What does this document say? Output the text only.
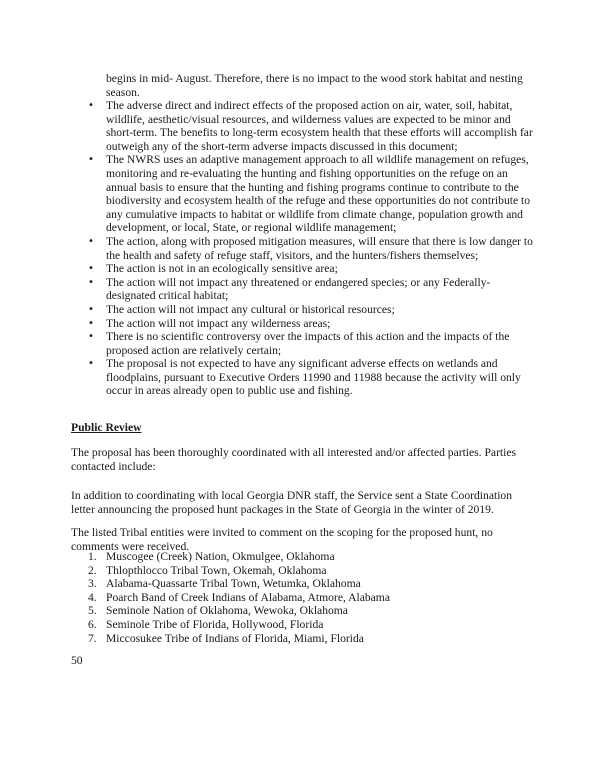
begins in mid- August. Therefore, there is no impact to the wood stork habitat and nesting season.

• The adverse direct and indirect effects of the proposed action on air, water, soil, habitat, wildlife, aesthetic/visual resources, and wilderness values are expected to be minor and short-term. The benefits to long-term ecosystem health that these efforts will accomplish far outweigh any of the short-term adverse impacts discussed in this document;
• The NWRS uses an adaptive management approach to all wildlife management on refuges, monitoring and re-evaluating the hunting and fishing opportunities on the refuge on an annual basis to ensure that the hunting and fishing programs continue to contribute to the biodiversity and ecosystem health of the refuge and these opportunities do not contribute to any cumulative impacts to habitat or wildlife from climate change, population growth and development, or local, State, or regional wildlife management;
• The action, along with proposed mitigation measures, will ensure that there is low danger to the health and safety of refuge staff, visitors, and the hunters/fishers themselves;
• The action is not in an ecologically sensitive area;
• The action will not impact any threatened or endangered species; or any Federally-designated critical habitat;
• The action will not impact any cultural or historical resources;
• The action will not impact any wilderness areas;
• There is no scientific controversy over the impacts of this action and the impacts of the proposed action are relatively certain;
• The proposal is not expected to have any significant adverse effects on wetlands and floodplains, pursuant to Executive Orders 11990 and 11988 because the activity will only occur in areas already open to public use and fishing.

Public Review

The proposal has been thoroughly coordinated with all interested and/or affected parties. Parties contacted include:

In addition to coordinating with local Georgia DNR staff, the Service sent a State Coordination letter announcing the proposed hunt packages in the State of Georgia in the winter of 2019.

The listed Tribal entities were invited to comment on the scoping for the proposed hunt, no comments were received.

1. Muscogee (Creek) Nation, Okmulgee, Oklahoma
2. Thlopthlocco Tribal Town, Okemah, Oklahoma
3. Alabama-Quassarte Tribal Town, Wetumka, Oklahoma
4. Poarch Band of Creek Indians of Alabama, Atmore, Alabama
5. Seminole Nation of Oklahoma, Wewoka, Oklahoma
6. Seminole Tribe of Florida, Hollywood, Florida
7. Miccosukee Tribe of Indians of Florida, Miami, Florida

50
